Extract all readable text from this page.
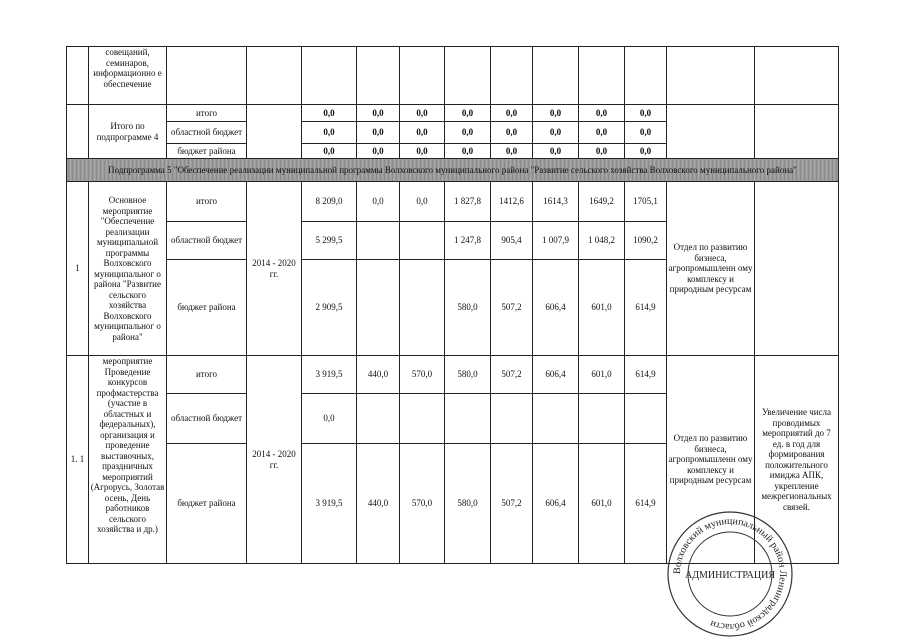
	совещаний, семинаров, информационно е обеспечение												
	Итого по подпрограмме 4	итого		0,0	0,0	0,0	0,0	0,0	0,0	0,0	0,0		
		областной бюджет		0,0	0,0	0,0	0,0	0,0	0,0	0,0	0,0		
		бюджет района		0,0	0,0	0,0	0,0	0,0	0,0	0,0	0,0		
Подпрограмма 5 "Обеспечение реализации муниципальной программы Волховского муниципального района "Развитие сельского хозяйства Волховского муниципального района"													
1	Основное мероприятие "Обеспечение реализации муниципальной программы Волховского муниципальног о района "Развитие сельского хозяйства Волховского муниципальног о района"	итого	2014 - 2020 гг.	8 209,0	0,0	0,0	1 827,8	1412,6	1614,3	1649,2	1705,1	Отдел по развитию бизнеса, агропромышленн ому комплексу и природным ресурсам	
		областной бюджет		5 299,5			1 247,8	905,4	1 007,9	1 048,2	1090,2		
		бюджет района		2 909,5			580,0	507,2	606,4	601,0	614,9		
1. 1	мероприятие Проведение конкурсов профмастерства (участие в областных и федеральных), организация и проведение выставочных, праздничных мероприятий (Агрорусь, Золотая осень, День работников сельского хозяйства и др.)	итого	2014 - 2020 гг.	3 919,5	440,0	570,0	580,0	507,2	606,4	601,0	614,9	Отдел по развитию бизнеса, агропромышленн ому комплексу и природным ресурсам	Увеличение числа проводимых мероприятий до 7 ед. в год для формирования положительного имиджа АПК, укрепление межрегиональных связей.
		областной бюджет		0,0									
		бюджет района		3 919,5	440,0	570,0	580,0	507,2	606,4	601,0	614,9		
Волховский муниципальный район Ленинградской области
АДМИНИСТРАЦИЯ
